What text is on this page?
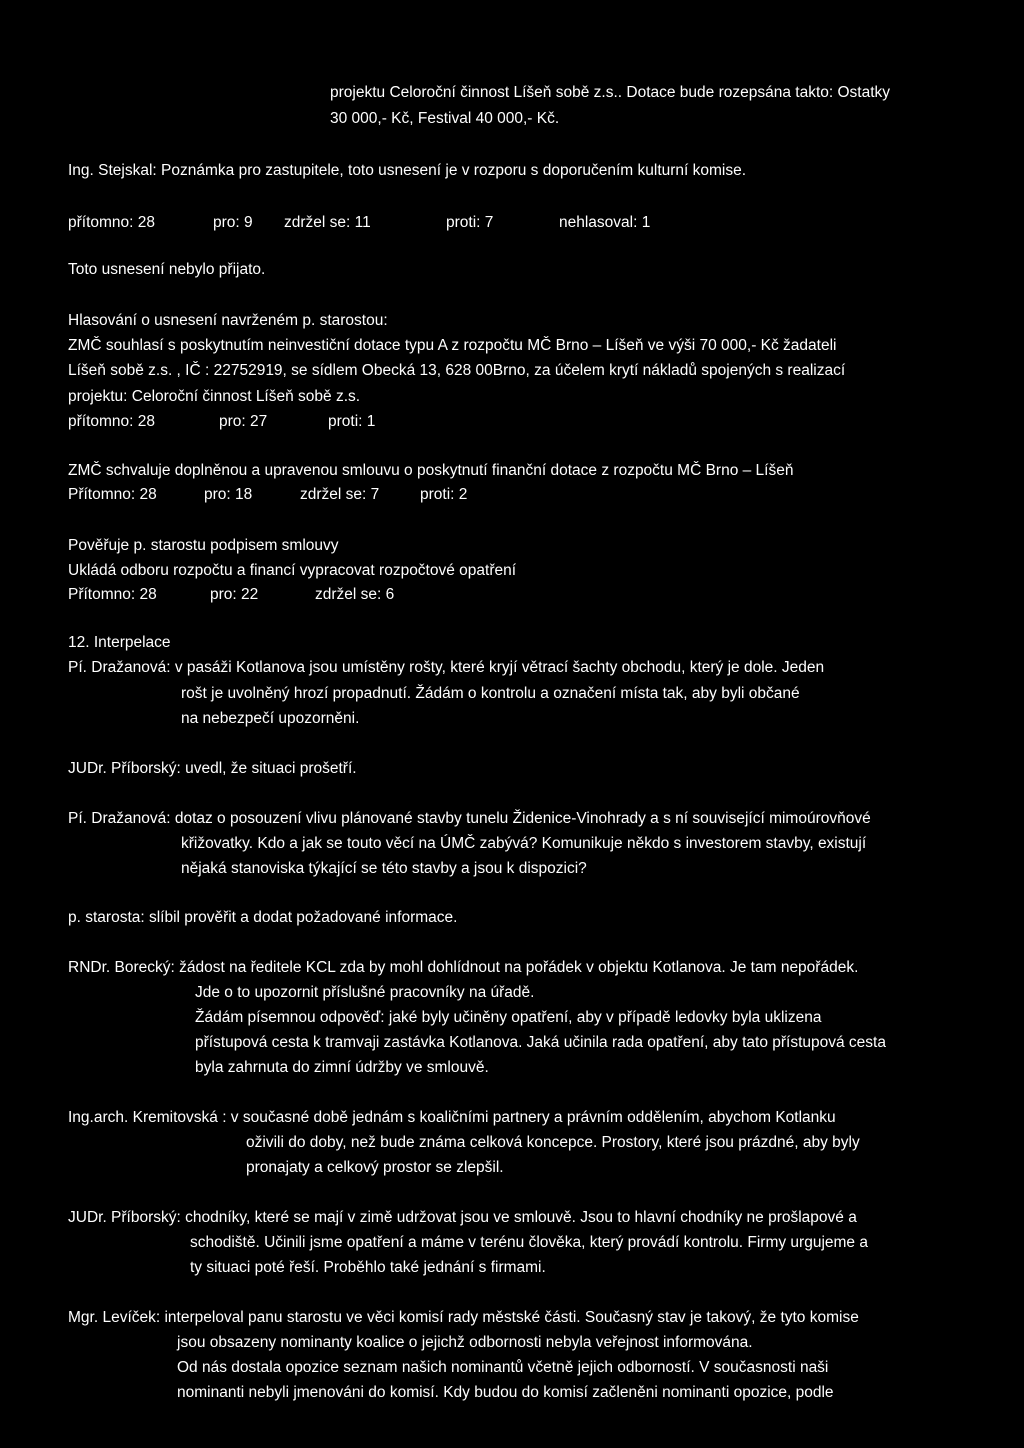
projektu Celoroční činnost Líšeň sobě z.s.. Dotace bude rozepsána takto: Ostatky
30 000,- Kč, Festival 40 000,- Kč.
Ing. Stejskal: Poznámka pro zastupitele, toto usnesení je v rozporu s doporučením kulturní komise.
přítomno: 28	pro: 9 zdržel se: 11	proti: 7	nehlasoval: 1
Toto usnesení nebylo přijato.
Hlasování o usnesení navrženém p. starostou:
ZMČ souhlasí s poskytnutím neinvestiční dotace typu A z rozpočtu MČ Brno – Líšeň ve výši 70 000,- Kč žadateli
Líšeň sobě z.s. , IČ : 22752919, se sídlem Obecká 13, 628 00Brno, za účelem krytí nákladů spojených s realizací
projektu: Celoroční činnost Líšeň sobě z.s.
přítomno: 28	pro: 27	proti: 1
ZMČ schvaluje doplněnou a upravenou smlouvu o poskytnutí finanční dotace z rozpočtu MČ Brno – Líšeň
Přítomno: 28	pro: 18	zdržel se: 7	proti: 2
Pověřuje p. starostu podpisem smlouvy
Ukládá odboru rozpočtu a financí vypracovat rozpočtové opatření
Přítomno: 28	pro: 22	zdržel se: 6
12. Interpelace
Pí. Dražanová: v pasáži Kotlanova jsou umístěny rošty, které kryjí větrací šachty obchodu, který je dole. Jeden
rošt je uvolněný hrozí propadnutí. Žádám o kontrolu a označení místa tak, aby byli občané
na nebezpečí upozorněni.
JUDr. Příborský: uvedl, že situaci prošetří.
Pí. Dražanová: dotaz o posouzení vlivu plánované stavby tunelu Židenice-Vinohrady a s ní související mimoúrovňové
křižovatky. Kdo a jak se touto věcí na ÚMČ zabývá? Komunikuje někdo s investorem stavby, existují
nějaká stanoviska týkající se této stavby a jsou k dispozici?
p. starosta: slíbil prověřit a dodat požadované informace.
RNDr. Borecký: žádost na ředitele KCL zda by mohl dohlídnout na pořádek v objektu Kotlanova. Je tam nepořádek.
Jde o to upozornit příslušné pracovníky na úřadě.
Žádám písemnou odpověď: jaké byly učiněny opatření, aby v případě ledovky byla uklizena
přístupová cesta k tramvaji zastávka Kotlanova. Jaká učinila rada opatření, aby tato přístupová cesta
byla zahrnuta do zimní údržby ve smlouvě.
Ing.arch. Kremitovská : v současné době jednám s koaličními partnery a právním oddělením, abychom Kotlanku
oživili do doby, než bude známa celková koncepce. Prostory, které jsou prázdné, aby byly
pronajaty a celkový prostor se zlepšil.
JUDr. Příborský: chodníky, které se mají v zimě udržovat jsou ve smlouvě. Jsou to hlavní chodníky ne prošlapové a
schodiště. Učinili jsme opatření a máme v terénu člověka, který provádí kontrolu. Firmy urgujeme a
ty situaci poté řeší. Proběhlo také jednání s firmami.
Mgr. Levíček: interpeloval panu starostu ve věci komisí rady městské části. Současný stav je takový, že tyto komise
jsou obsazeny nominanty koalice o jejichž odbornosti nebyla veřejnost informována.
Od nás dostala opozice seznam našich nominantů včetně jejich odborností. V současnosti naši
nominanti nebyli jmenováni do komisí. Kdy budou do komisí začleněni nominanti opozice, podle
